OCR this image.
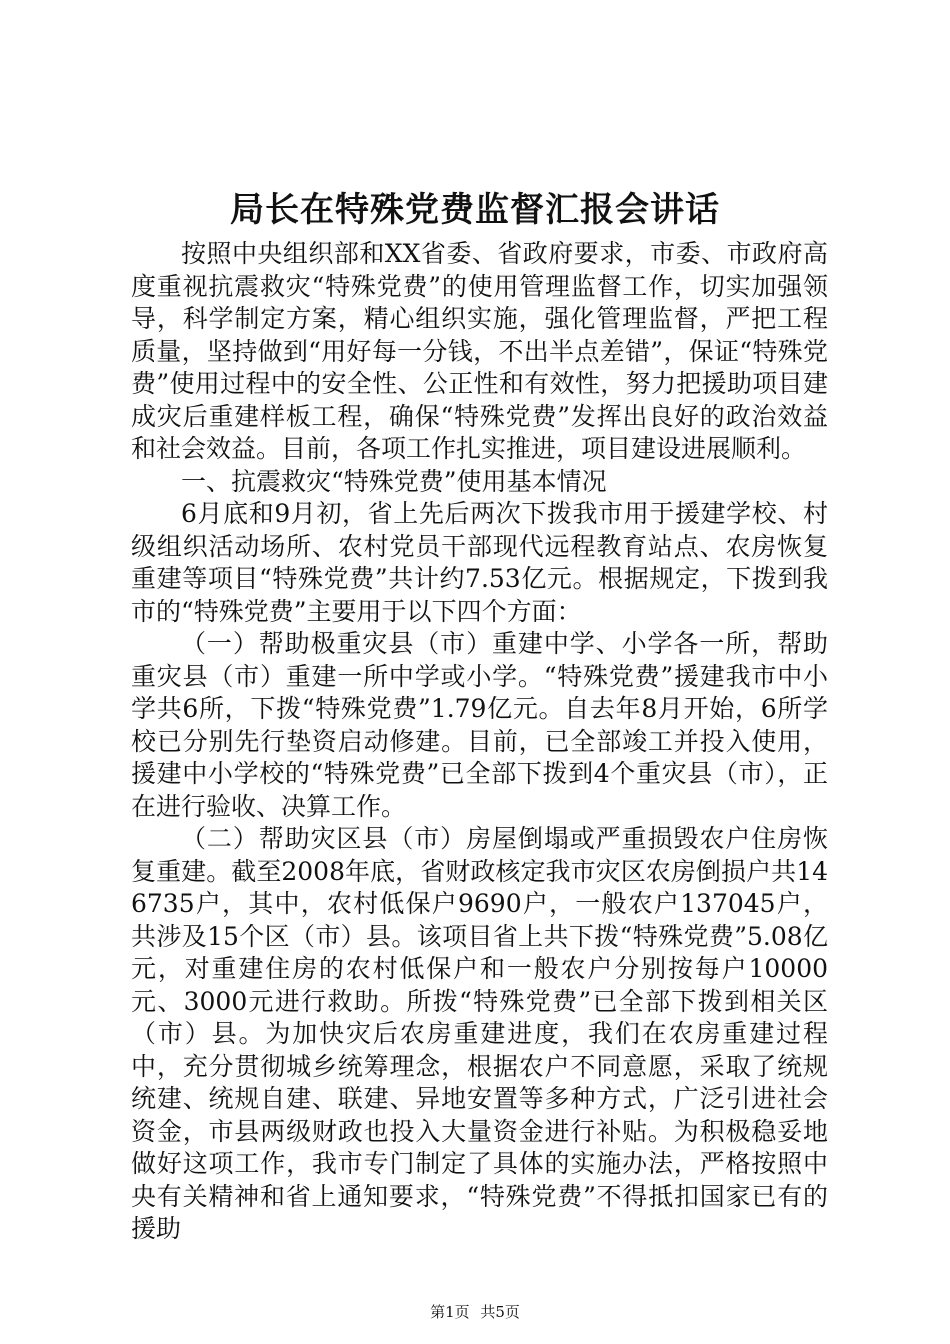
局长在特殊党费监督汇报会讲话

按照中央组织部和XX省委、省政府要求，市委、市政府高度重视抗震救灾“特殊党费”的使用管理监督工作，切实加强领导，科学制定方案，精心组织实施，强化管理监督，严把工程质量，坚持做到“用好每一分钱，不出半点差错”，保证“特殊党费”使用过程中的安全性、公正性和有效性，努力把援助项目建成灾后重建样板工程，确保“特殊党费”发挥出良好的政治效益和社会效益。目前，各项工作扎实推进，项目建设进展顺利。

一、抗震救灾“特殊党费”使用基本情况

6月底和9月初，省上先后两次下拨我市用于援建学校、村级组织活动场所、农村党员干部现代远程教育站点、农房恢复重建等项目“特殊党费”共计约7.53亿元。根据规定，下拨到我市的“特殊党费”主要用于以下四个方面：

（一）帮助极重灾县（市）重建中学、小学各一所，帮助重灾县（市）重建一所中学或小学。“特殊党费”援建我市中小学共6所，下拨“特殊党费”1.79亿元。自去年8月开始，6所学校已分别先行垫资启动修建。目前，已全部竣工并投入使用，援建中小学校的“特殊党费”已全部下拨到4个重灾县（市），正在进行验收、决算工作。

（二）帮助灾区县（市）房屋倒塌或严重损毁农户住房恢复重建。截至2008年底，省财政核定我市灾区农房倒损户共146735户，其中，农村低保户9690户，一般农户137045户，共涉及15个区（市）县。该项目省上共下拨“特殊党费”5.08亿元，对重建住房的农村低保户和一般农户分别按每户10000元、3000元进行救助。所拨“特殊党费”已全部下拨到相关区（市）县。为加快灾后农房重建进度，我们在农房重建过程中，充分贯彻城乡统筹理念，根据农户不同意愿，采取了统规统建、统规自建、联建、异地安置等多种方式，广泛引进社会资金，市县两级财政也投入大量资金进行补贴。为积极稳妥地做好这项工作，我市专门制定了具体的实施办法，严格按照中央有关精神和省上通知要求，“特殊党费”不得抵扣国家已有的援助

第1页 共5页
